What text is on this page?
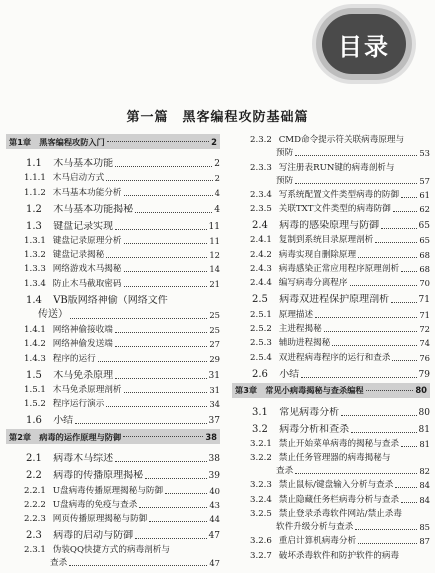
目录
第一篇　黑客编程攻防基础篇
第1章　 黑客编程攻防入门	2
1.1 木马基本功能	2
1.1.1 木马启动方式	2
1.1.2 木马基本功能分析	4
1.2 木马基本功能揭秘	4
1.3 键盘记录实现	11
1.3.1 键盘记录原理分析	11
1.3.2 键盘记录揭秘	12
1.3.3 网络游戏木马揭秘	14
1.3.4 防止木马截取密码	21
1.4 VB版网络神偷（网络文件
传送）	25
1.4.1 网络神偷接收端	25
1.4.2 网络神偷发送端	27
1.4.3 程序的运行	29
1.5 木马免杀原理	31
1.5.1 木马免杀原理剖析	31
1.5.2 程序运行演示	34
1.6 小结	37
第2章　 病毒的运作原理与防御	38
2.1 病毒木马综述	38
2.2 病毒的传播原理揭秘	39
2.2.1 U盘病毒传播原理揭秘与防御	40
2.2.2 U盘病毒的免疫与查杀	43
2.2.3 网页传播原理揭秘与防御	44
2.3 病毒的启动与防御	47
2.3.1 伪装QQ快捷方式的病毒剖析与
查杀	47
2.3.2 CMD命令提示符关联病毒原理与
预防	53
2.3.3 写注册表RUN键的病毒剖析与
预防	57
2.3.4 写系统配置文件类型病毒的防御 61
2.3.5 关联TXT文件类型的病毒防御	62
2.4 病毒的感染原理与防御	65
2.4.1 复制到系统目录原理剖析	65
2.4.2 病毒实现自删除原理	68
2.4.3 病毒感染正常应用程序原理剖析 68
2.4.4 编写病毒分离程序	70
2.5 病毒双进程保护原理剖析	71
2.5.1 原理描述	71
2.5.2 主进程揭秘	72
2.5.3 辅助进程揭秘	74
2.5.4 双进程病毒程序的运行和查杀	76
2.6 小结	79
第3章　 常见小病毒揭秘与查杀编程	80
3.1 常见病毒分析	80
3.2 病毒分析和查杀	81
3.2.1 禁止开始菜单病毒的揭秘与查杀 81
3.2.2 禁止任务管理器的病毒揭秘与
查杀	82
3.2.3 禁止鼠标/键盘输入分析与查杀	84
3.2.4 禁止隐藏任务栏病毒分析与查杀 84
3.2.5 禁止登录杀毒软件网站/禁止杀毒
软件升级分析与查杀	85
3.2.6 重启计算机病毒分析	87
3.2.7 破坏杀毒软件和防护软件的病毒
